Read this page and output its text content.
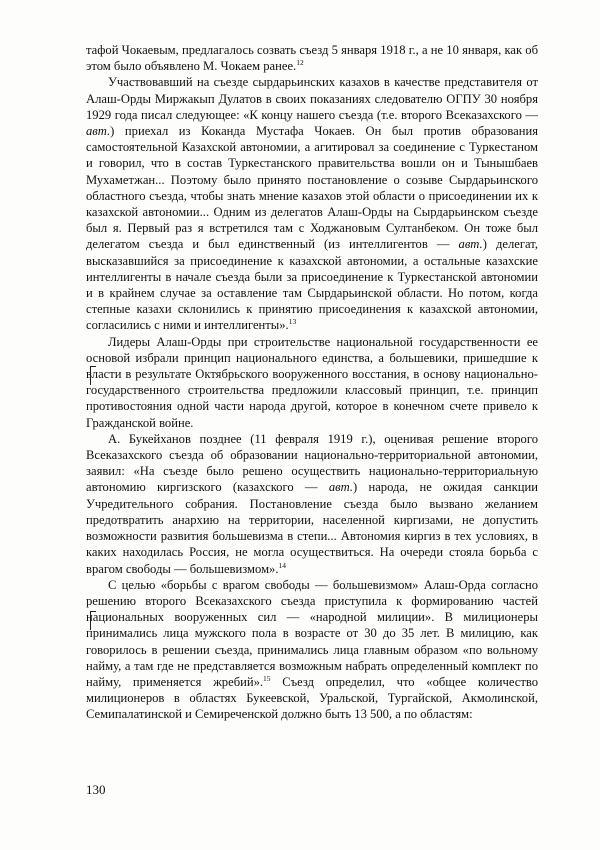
тафой Чокаевым, предлагалось созвать съезд 5 января 1918 г., а не 10 января, как об этом было объявлено М. Чокаем ранее.$^{12}$

Участвовавший на съезде сырдарьинских казахов в качестве представителя от Алаш-Орды Миржакып Дулатов в своих показаниях следователю ОГПУ 30 ноября 1929 года писал следующее: «К концу нашего съезда (т.е. второго Всеказахского — авт.) приехал из Коканда Мустафа Чокаев. Он был против образования самостоятельной Казахской автономии, а агитировал за соединение с Туркестаном и говорил, что в состав Туркестанского правительства вошли он и Тынышбаев Мухаметжан... Поэтому было принято постановление о созыве Сырдарьинского областного съезда, чтобы знать мнение казахов этой области о присоединении их к казахской автономии... Одним из делегатов Алаш-Орды на Сырдарьинском съезде был я. Первый раз я встретился там с Ходжановым Султанбеком. Он тоже был делегатом съезда и был единственный (из интеллигентов — авт.) делегат, высказавшийся за присоединение к казахской автономии, а остальные казахские интеллигенты в начале съезда были за присоединение к Туркестанской автономии и в крайнем случае за оставление там Сырдарьинской области. Но потом, когда степные казахи склонились к принятию присоединения к казахской автономии, согласились с ними и интеллигенты».$^{13}$

Лидеры Алаш-Орды при строительстве национальной государственности ее основой избрали принцип национального единства, а большевики, пришедшие к власти в результате Октябрьского вооруженного восстания, в основу национально-государственного строительства предложили классовый принцип, т.е. принцип противостояния одной части народа другой, которое в конечном счете привело к Гражданской войне.

А. Букейханов позднее (11 февраля 1919 г.), оценивая решение второго Всеказахского съезда об образовании национально-территориальной автономии, заявил: «На съезде было решено осуществить национально-территориальную автономию киргизского (казахского — авт.) народа, не ожидая санкции Учредительного собрания. Постановление съезда было вызвано желанием предотвратить анархию на территории, населенной киргизами, не допустить возможности развития большевизма в степи... Автономия киргиз в тех условиях, в каких находилась Россия, не могла осуществиться. На очереди стояла борьба с врагом свободы — большевизмом».$^{14}$

С целью «борьбы с врагом свободы — большевизмом» Алаш-Орда согласно решению второго Всеказахского съезда приступила к формированию частей национальных вооруженных сил — «народной милиции». В милиционеры принимались лица мужского пола в возрасте от 30 до 35 лет. В милицию, как говорилось в решении съезда, принимались лица главным образом «по вольному найму, а там где не представляется возможным набрать определенный комплект по найму, применяется жребий».$^{15}$ Съезд определил, что «общее количество милиционеров в областях Букеевской, Уральской, Тургайской, Акмолинской, Семипалатинской и Семиреченской должно быть 13 500, а по областям:

130
